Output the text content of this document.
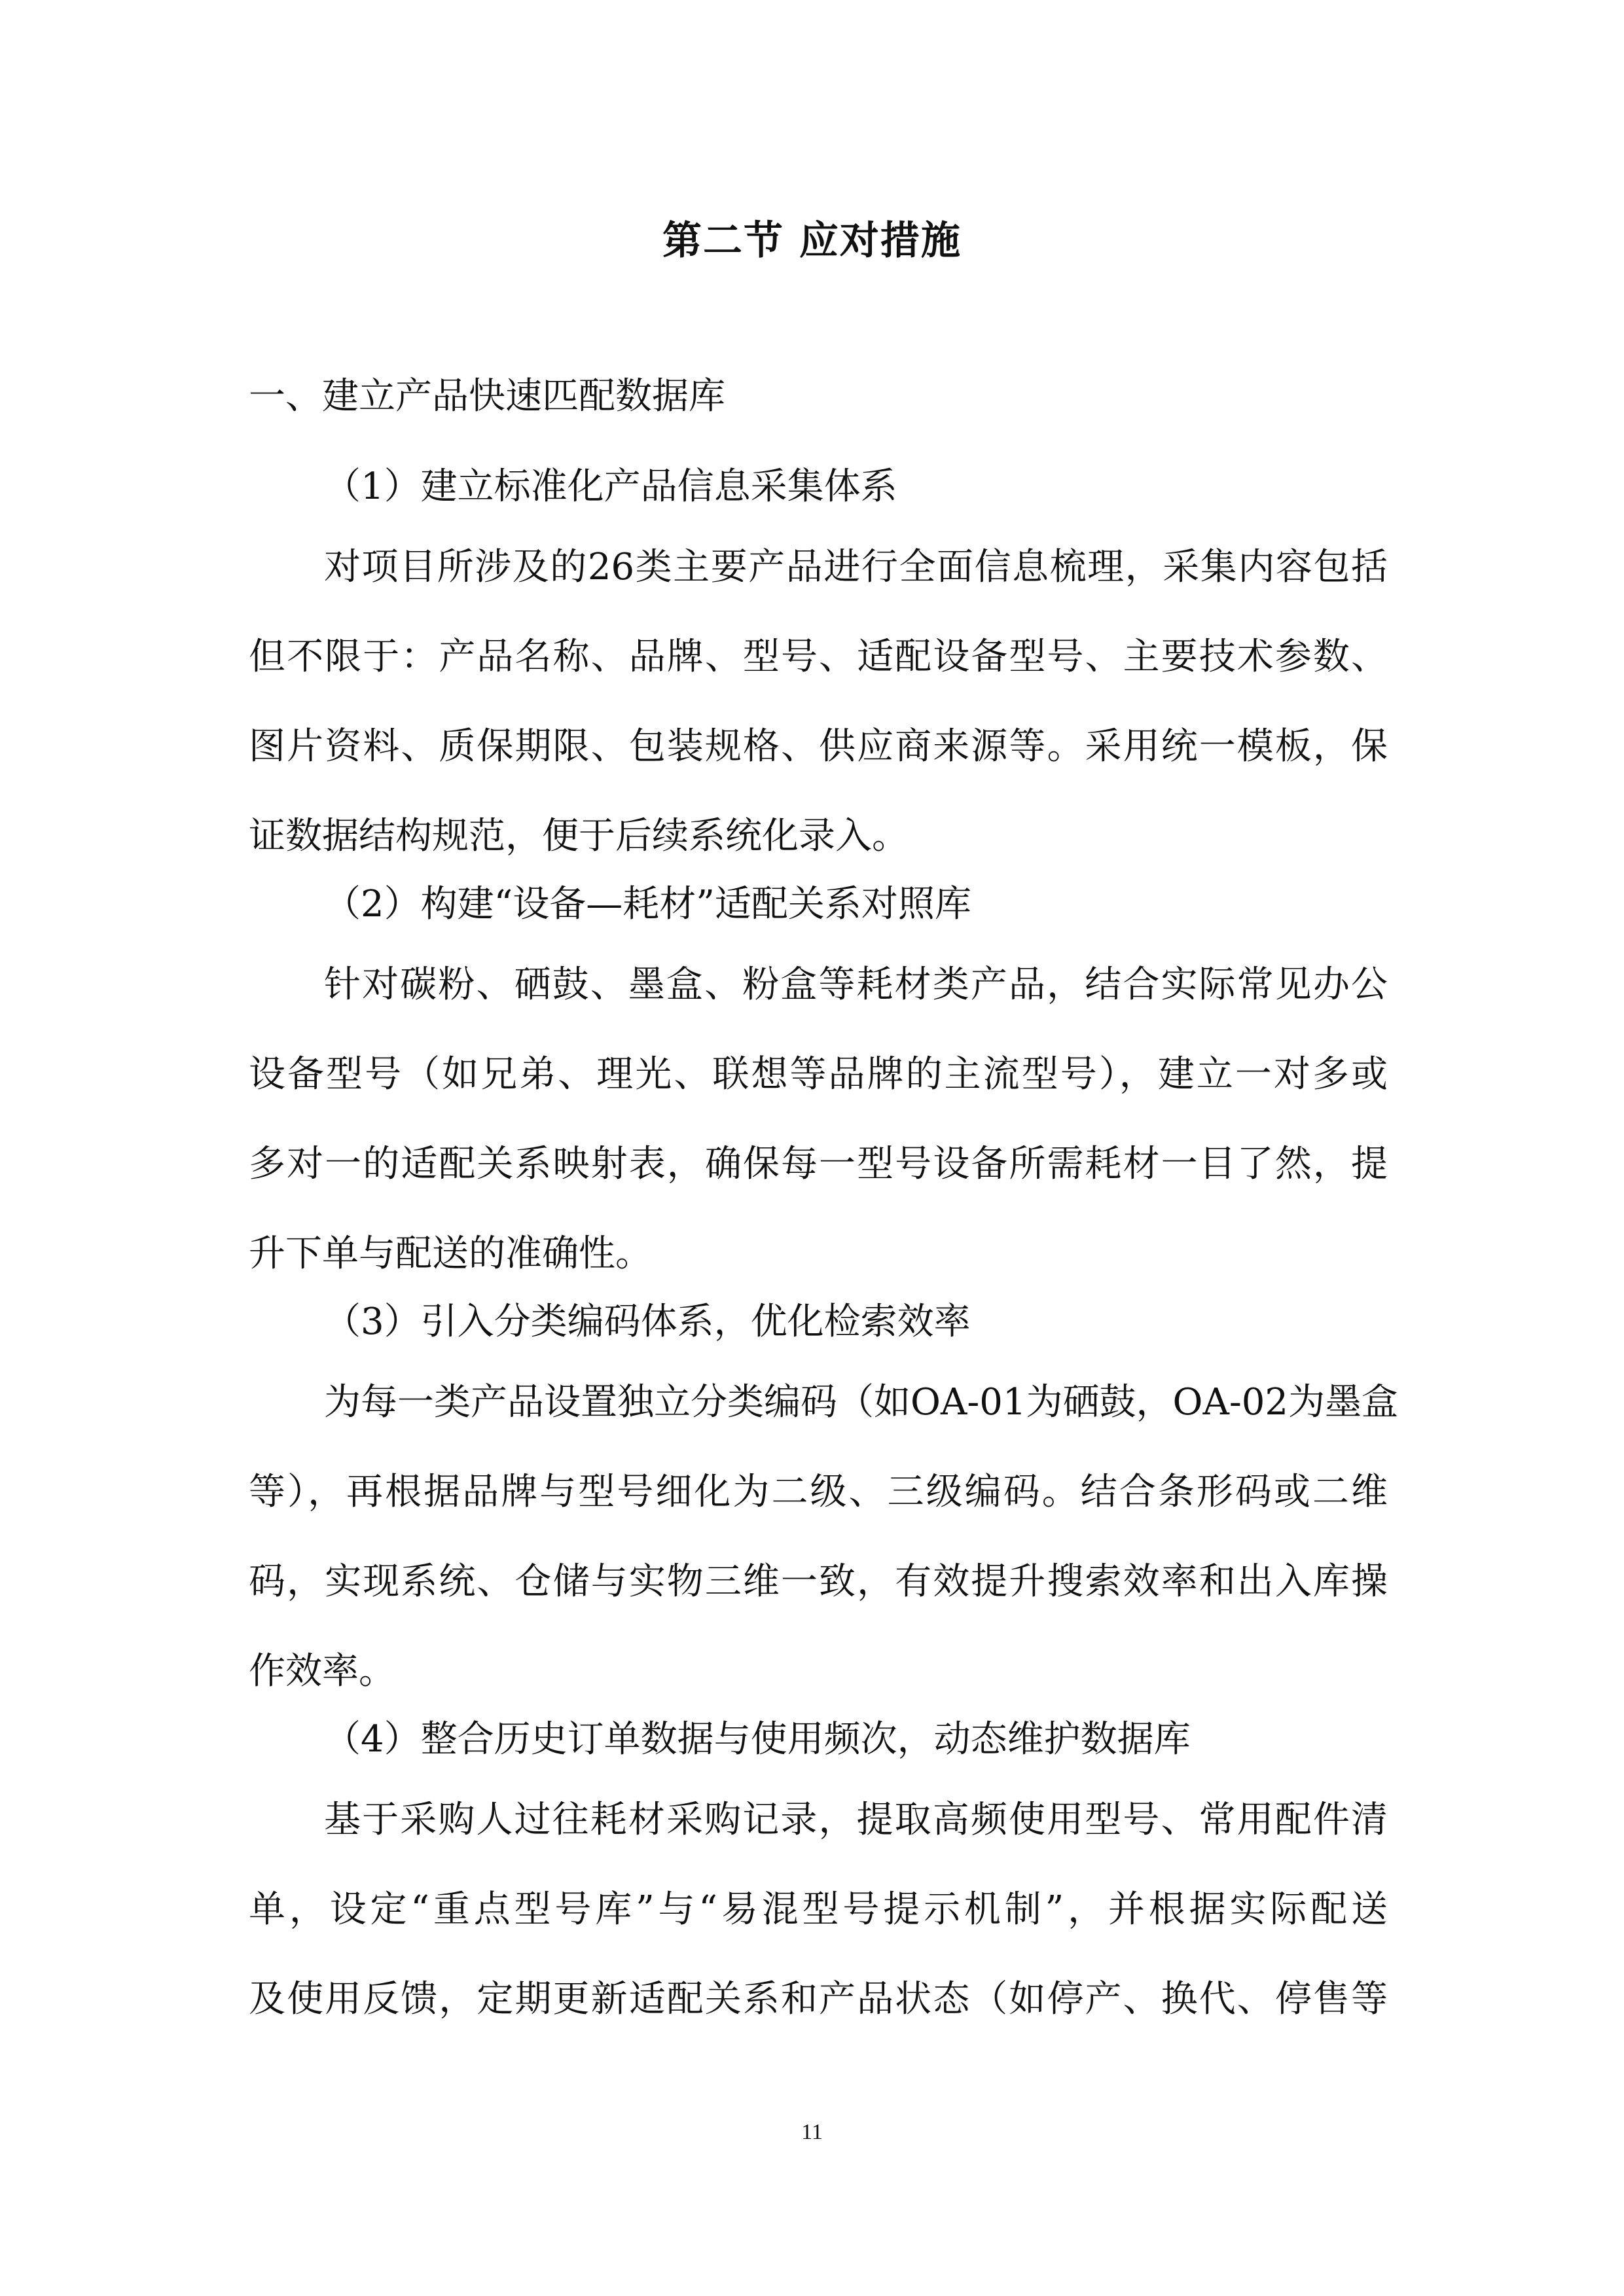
第二节 应对措施
一、建立产品快速匹配数据库
（1）建立标准化产品信息采集体系
对项目所涉及的26类主要产品进行全面信息梳理，采集内容包括
但不限于：产品名称、品牌、型号、适配设备型号、主要技术参数、
图片资料、质保期限、包装规格、供应商来源等。采用统一模板，保
证数据结构规范，便于后续系统化录入。
（2）构建“设备—耗材”适配关系对照库
针对碳粉、硒鼓、墨盒、粉盒等耗材类产品，结合实际常见办公
设备型号（如兄弟、理光、联想等品牌的主流型号），建立一对多或
多对一的适配关系映射表，确保每一型号设备所需耗材一目了然，提
升下单与配送的准确性。
（3）引入分类编码体系，优化检索效率
为每一类产品设置独立分类编码（如OA-01为硒鼓，OA-02为墨盒
等），再根据品牌与型号细化为二级、三级编码。结合条形码或二维
码，实现系统、仓储与实物三维一致，有效提升搜索效率和出入库操
作效率。
（4）整合历史订单数据与使用频次，动态维护数据库
基于采购人过往耗材采购记录，提取高频使用型号、常用配件清
单，设定“重点型号库”与“易混型号提示机制”，并根据实际配送
及使用反馈，定期更新适配关系和产品状态（如停产、换代、停售等
11
